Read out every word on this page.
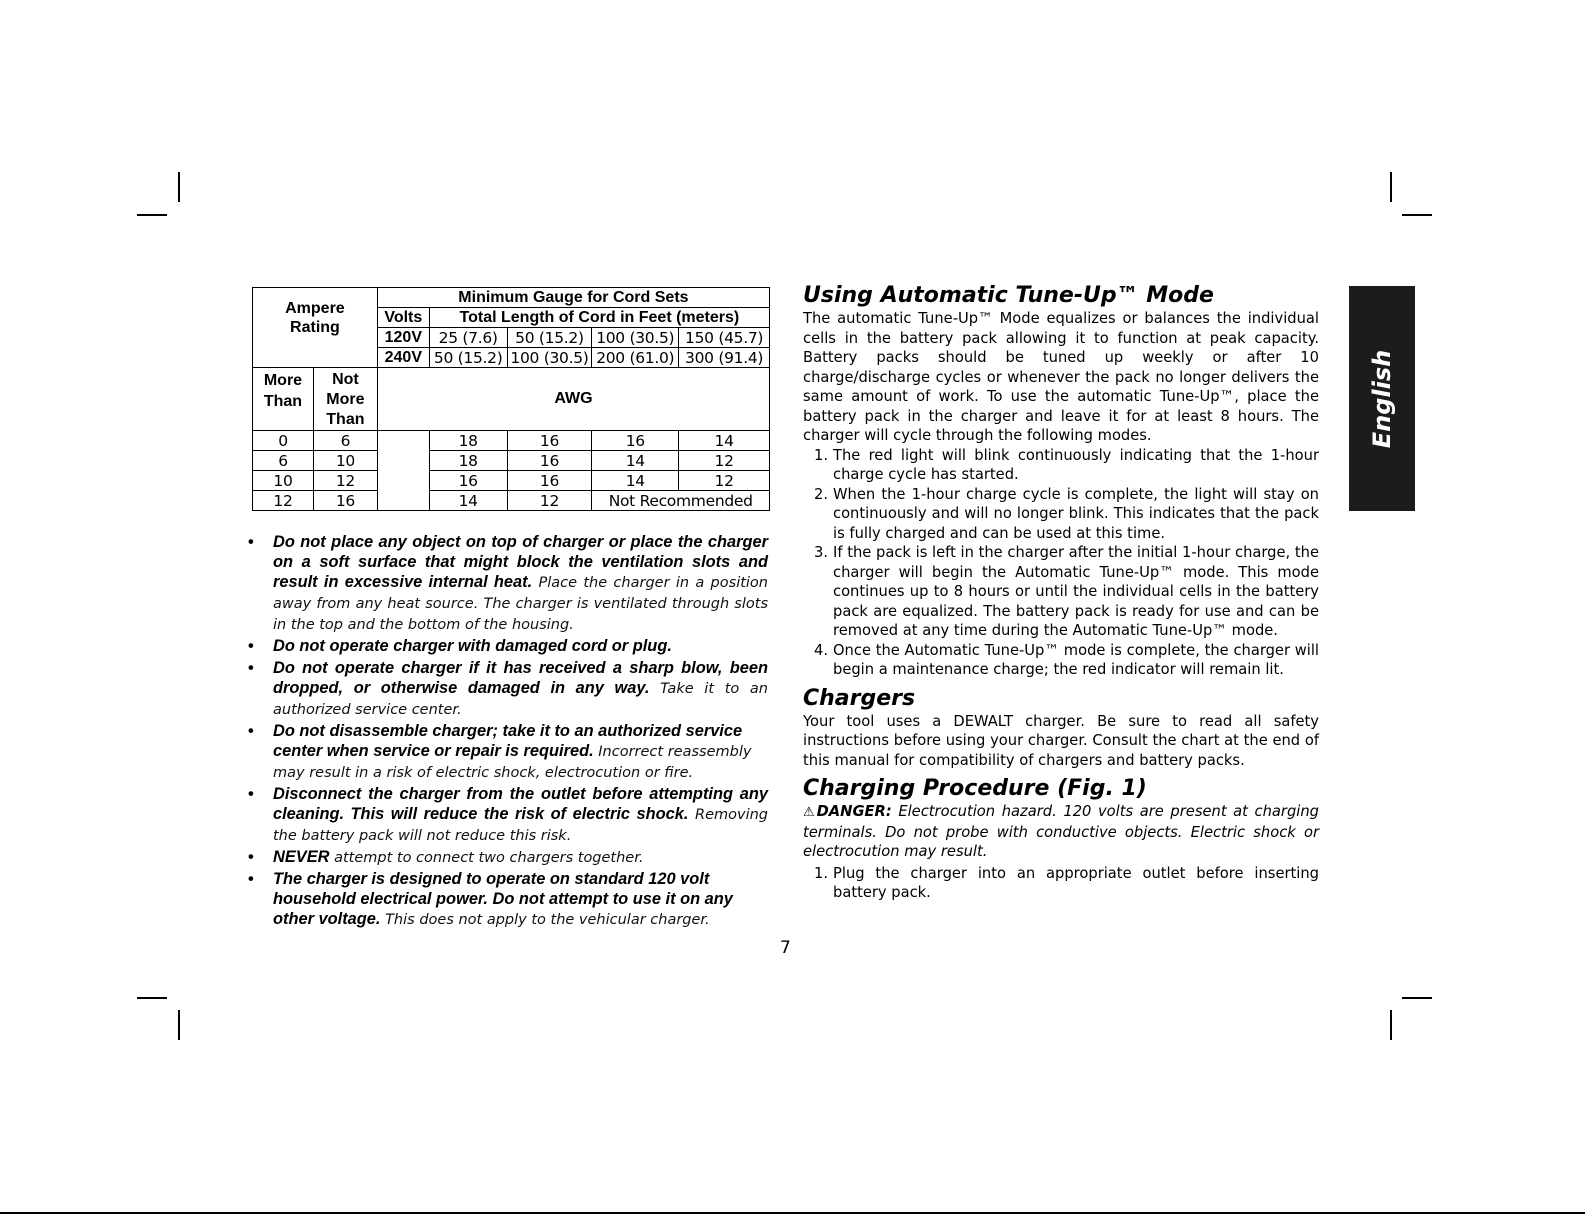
Ampere Rating		Minimum Gauge for Cord Sets				
		Volts	Total Length of Cord in Feet (meters)			
		120V	25 (7.6)	50 (15.2)	100 (30.5)	150 (45.7)
		240V	50 (15.2)	100 (30.5)	200 (61.0)	300 (91.4)
More Than	Not More Than	AWG				
0	6		18	16	16	14
6	10		18	16	14	12
10	12		16	16	14	12
12	16		14	12	Not Recommended	
• Do not place any object on top of charger or place the charger on a soft surface that might block the ventilation slots and result in excessive internal heat. Place the charger in a position away from any heat source. The charger is ventilated through slots in the top and the bottom of the housing.
• Do not operate charger with damaged cord or plug.
• Do not operate charger if it has received a sharp blow, been dropped, or otherwise damaged in any way. Take it to an authorized service center.
• Do not disassemble charger; take it to an authorized service center when service or repair is required. Incorrect reassembly may result in a risk of electric shock, electrocution or fire.
• Disconnect the charger from the outlet before attempting any cleaning. This will reduce the risk of electric shock. Removing the battery pack will not reduce this risk.
• NEVER attempt to connect two chargers together.
• The charger is designed to operate on standard 120 volt household electrical power. Do not attempt to use it on any other voltage. This does not apply to the vehicular charger.
Using Automatic Tune-Up™ Mode

The automatic Tune-Up™ Mode equalizes or balances the individual cells in the battery pack allowing it to function at peak capacity. Battery packs should be tuned up weekly or after 10 charge/discharge cycles or whenever the pack no longer delivers the same amount of work. To use the automatic Tune-Up™, place the battery pack in the charger and leave it for at least 8 hours. The charger will cycle through the following modes.

1. The red light will blink continuously indicating that the 1-hour charge cycle has started.
2. When the 1-hour charge cycle is complete, the light will stay on continuously and will no longer blink. This indicates that the pack is fully charged and can be used at this time.
3. If the pack is left in the charger after the initial 1-hour charge, the charger will begin the Automatic Tune-Up™ mode. This mode continues up to 8 hours or until the individual cells in the battery pack are equalized. The battery pack is ready for use and can be removed at any time during the Automatic Tune-Up™ mode.
4. Once the Automatic Tune-Up™ mode is complete, the charger will begin a maintenance charge; the red indicator will remain lit.
Chargers

Your tool uses a DEWALT charger. Be sure to read all safety instructions before using your charger. Consult the chart at the end of this manual for compatibility of chargers and battery packs.

Charging Procedure (Fig. 1)

⚠DANGER: Electrocution hazard. 120 volts are present at charging terminals. Do not probe with conductive objects. Electric shock or electrocution may result.

1. Plug the charger into an appropriate outlet before inserting battery pack.
English
7
